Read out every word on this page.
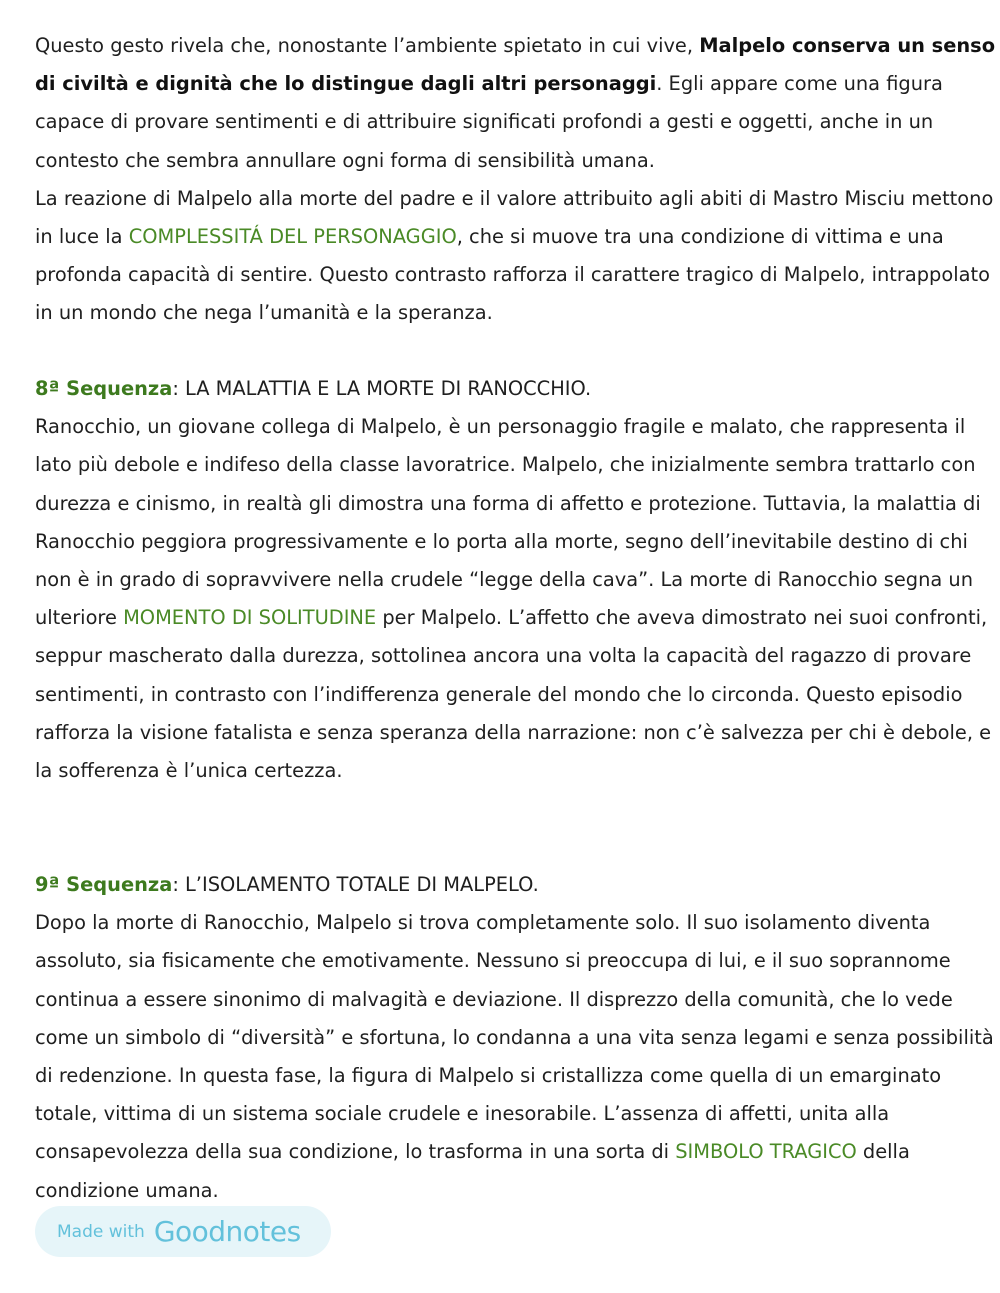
Questo gesto rivela che, nonostante l’ambiente spietato in cui vive, Malpelo conserva un senso di civiltà e dignità che lo distingue dagli altri personaggi. Egli appare come una figura capace di provare sentimenti e di attribuire significati profondi a gesti e oggetti, anche in un contesto che sembra annullare ogni forma di sensibilità umana.
La reazione di Malpelo alla morte del padre e il valore attribuito agli abiti di Mastro Misciu mettono in luce la COMPLESSITÁ DEL PERSONAGGIO, che si muove tra una condizione di vittima e una profonda capacità di sentire. Questo contrasto rafforza il carattere tragico di Malpelo, intrappolato in un mondo che nega l’umanità e la speranza.
8ª Sequenza: LA MALATTIA E LA MORTE DI RANOCCHIO.
Ranocchio, un giovane collega di Malpelo, è un personaggio fragile e malato, che rappresenta il lato più debole e indifeso della classe lavoratrice. Malpelo, che inizialmente sembra trattarlo con durezza e cinismo, in realtà gli dimostra una forma di affetto e protezione. Tuttavia, la malattia di Ranocchio peggiora progressivamente e lo porta alla morte, segno dell’inevitabile destino di chi non è in grado di sopravvivere nella crudele “legge della cava”. La morte di Ranocchio segna un ulteriore MOMENTO DI SOLITUDINE per Malpelo. L’affetto che aveva dimostrato nei suoi confronti, seppur mascherato dalla durezza, sottolinea ancora una volta la capacità del ragazzo di provare sentimenti, in contrasto con l’indifferenza generale del mondo che lo circonda. Questo episodio rafforza la visione fatalista e senza speranza della narrazione: non c’è salvezza per chi è debole, e la sofferenza è l’unica certezza.
9ª Sequenza: L’ISOLAMENTO TOTALE DI MALPELO.
Dopo la morte di Ranocchio, Malpelo si trova completamente solo. Il suo isolamento diventa assoluto, sia fisicamente che emotivamente. Nessuno si preoccupa di lui, e il suo soprannome continua a essere sinonimo di malvagità e deviazione. Il disprezzo della comunità, che lo vede come un simbolo di “diversità” e sfortuna, lo condanna a una vita senza legami e senza possibilità di redenzione. In questa fase, la figura di Malpelo si cristallizza come quella di un emarginato totale, vittima di un sistema sociale crudele e inesorabile. L’assenza di affetti, unita alla consapevolezza della sua condizione, lo trasforma in una sorta di SIMBOLO TRAGICO della condizione umana.
Made with Goodnotes
